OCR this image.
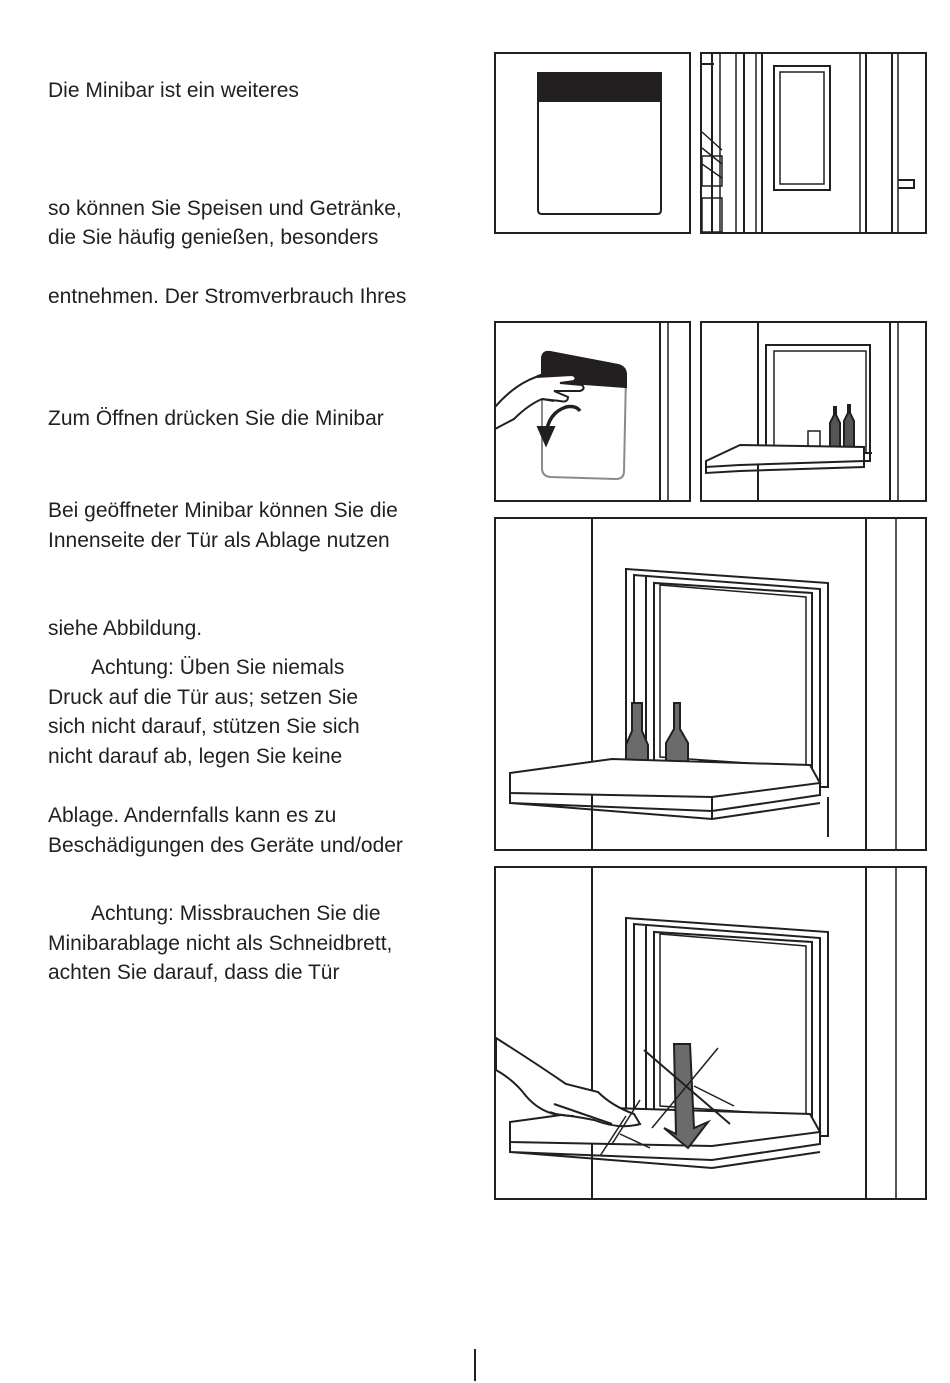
Die Minibar ist ein weiteres

so können Sie Speisen und Getränke,

die Sie häufig genießen, besonders

entnehmen. Der Stromverbrauch Ihres

Zum Öffnen drücken Sie die Minibar

Bei geöffneter Minibar können Sie die

Innenseite der Tür als Ablage nutzen

siehe Abbildung.

Achtung: Üben Sie niemals

Druck auf die Tür aus; setzen Sie

sich nicht darauf, stützen Sie sich

nicht darauf ab, legen Sie keine

Ablage. Andernfalls kann es zu

Beschädigungen des Geräte und/oder

Achtung: Missbrauchen Sie die

Minibarablage nicht als Schneidbrett,

achten Sie darauf, dass die Tür
